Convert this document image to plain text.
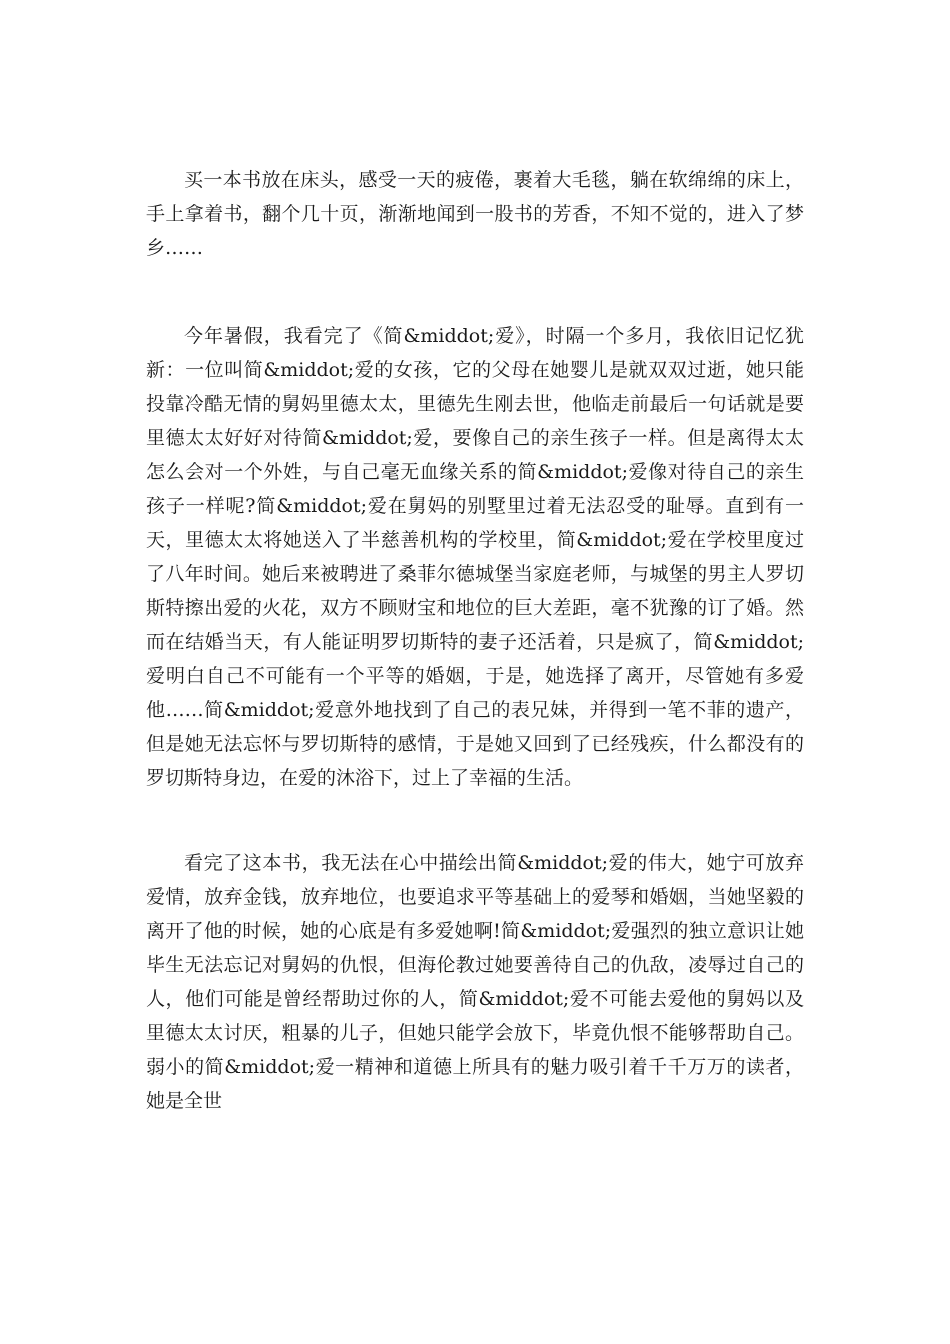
买一本书放在床头，感受一天的疲倦，裹着大毛毯，躺在软绵绵的床上，手上拿着书，翻个几十页，渐渐地闻到一股书的芳香，不知不觉的，进入了梦乡……

今年暑假，我看完了《简&middot;爱》，时隔一个多月，我依旧记忆犹新：一位叫简&middot;爱的女孩，它的父母在她婴儿是就双双过逝，她只能投靠冷酷无情的舅妈里德太太，里德先生刚去世，他临走前最后一句话就是要里德太太好好对待简&middot;爱，要像自己的亲生孩子一样。但是离得太太怎么会对一个外姓，与自己毫无血缘关系的简&middot;爱像对待自己的亲生孩子一样呢?简&middot;爱在舅妈的别墅里过着无法忍受的耻辱。直到有一天，里德太太将她送入了半慈善机构的学校里，简&middot;爱在学校里度过了八年时间。她后来被聘进了桑菲尔德城堡当家庭老师，与城堡的男主人罗切斯特擦出爱的火花，双方不顾财宝和地位的巨大差距，毫不犹豫的订了婚。然而在结婚当天，有人能证明罗切斯特的妻子还活着，只是疯了，简&middot;爱明白自己不可能有一个平等的婚姻，于是，她选择了离开，尽管她有多爱他……简&middot;爱意外地找到了自己的表兄妹，并得到一笔不菲的遗产，但是她无法忘怀与罗切斯特的感情，于是她又回到了已经残疾，什么都没有的罗切斯特身边，在爱的沐浴下，过上了幸福的生活。

看完了这本书，我无法在心中描绘出简&middot;爱的伟大，她宁可放弃爱情，放弃金钱，放弃地位，也要追求平等基础上的爱琴和婚姻，当她坚毅的离开了他的时候，她的心底是有多爱她啊!简&middot;爱强烈的独立意识让她毕生无法忘记对舅妈的仇恨，但海伦教过她要善待自己的仇敌，凌辱过自己的人，他们可能是曾经帮助过你的人，简&middot;爱不可能去爱他的舅妈以及里德太太讨厌，粗暴的儿子，但她只能学会放下，毕竟仇恨不能够帮助自己。弱小的简&middot;爱一精神和道德上所具有的魅力吸引着千千万万的读者，她是全世
